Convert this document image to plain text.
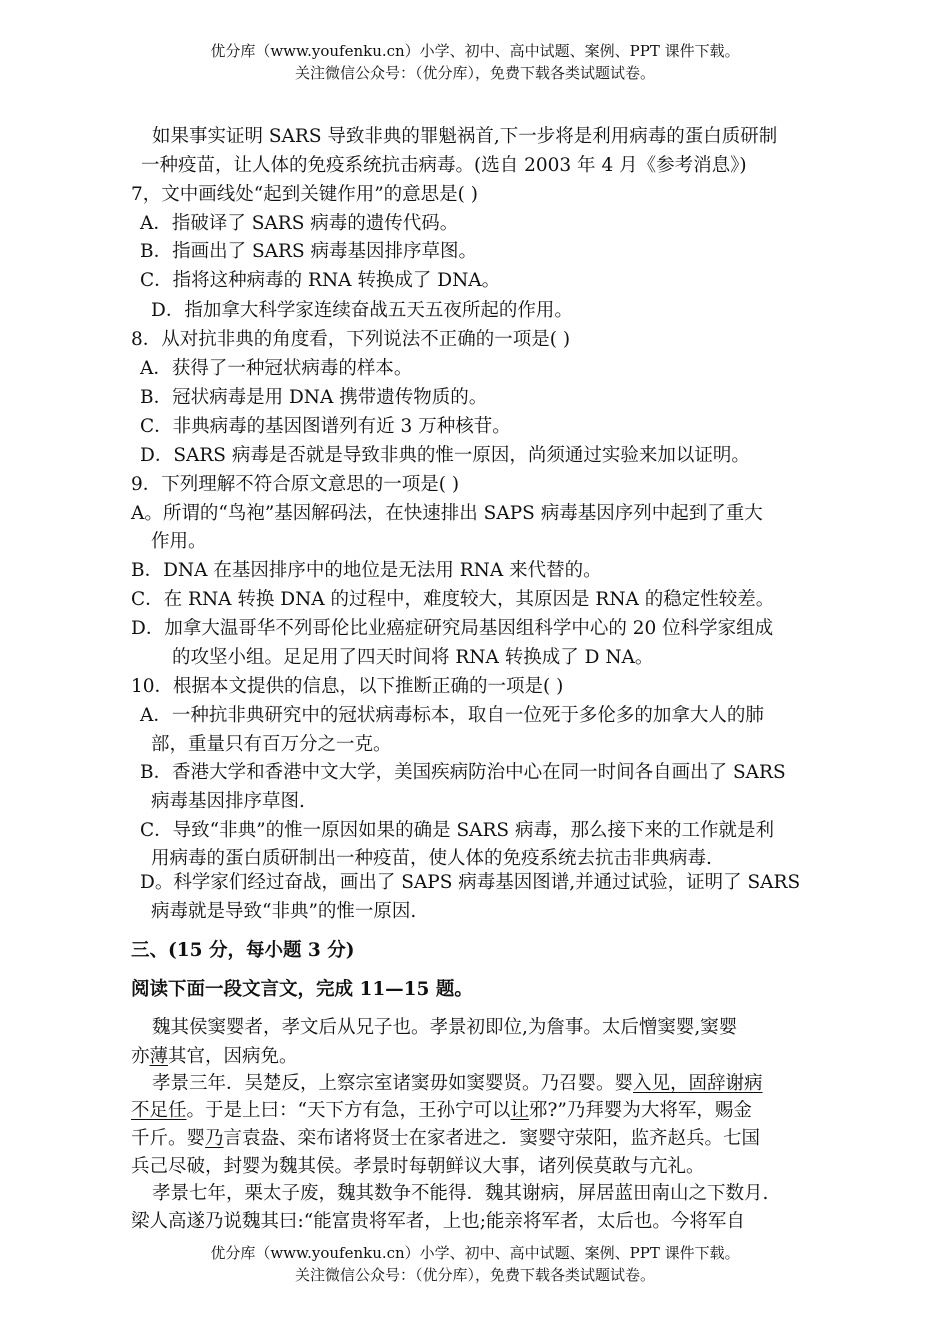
优分库（www.youfenku.cn）小学、初中、高中试题、案例、PPT 课件下载。
关注微信公众号：（优分库），免费下载各类试题试卷。
如果事实证明 SARS 导致非典的罪魁祸首,下一步将是利用病毒的蛋白质研制
一种疫苗，让人体的免疫系统抗击病毒。(选自 2003 年 4 月《参考消息》)
7，文中画线处“起到关键作用”的意思是( )
A．指破译了 SARS 病毒的遗传代码。
B．指画出了 SARS 病毒基因排序草图。
C．指将这种病毒的 RNA 转换成了 DNA。
D．指加拿大科学家连续奋战五天五夜所起的作用。
8．从对抗非典的角度看，下列说法不正确的一项是( )
A．获得了一种冠状病毒的样本。
B．冠状病毒是用 DNA 携带遗传物质的。
C．非典病毒的基因图谱列有近 3 万种核苷。
D．SARS 病毒是否就是导致非典的惟一原因，尚须通过实验来加以证明。
9．下列理解不符合原文意思的一项是( )
A。所谓的“鸟袍”基因解码法，在快速排出 SAPS 病毒基因序列中起到了重大
作用。
B．DNA 在基因排序中的地位是无法用 RNA 来代替的。
C．在 RNA 转换 DNA 的过程中，难度较大，其原因是 RNA 的稳定性较差。
D．加拿大温哥华不列哥伦比业癌症研究局基因组科学中心的 20 位科学家组成
的攻坚小组。足足用了四天时间将 RNA 转换成了 D NA。
10．根据本文提供的信息，以下推断正确的一项是( )
A．一种抗非典研究中的冠状病毒标本，取自一位死于多伦多的加拿大人的肺
部，重量只有百万分之一克。
B．香港大学和香港中文大学，美国疾病防治中心在同一时间各自画出了 SARS
病毒基因排序草图.
C．导致“非典”的惟一原因如果的确是 SARS 病毒，那么接下来的工作就是利
用病毒的蛋白质研制出一种疫苗，使人体的免疫系统去抗击非典病毒.
D。科学家们经过奋战，画出了 SAPS 病毒基因图谱,并通过试验，证明了 SARS
病毒就是导致“非典”的惟一原因.
三、(15 分，每小题 3 分)
阅读下面一段文言文，完成 11—15 题。
魏其侯窦婴者，孝文后从兄子也。孝景初即位,为詹事。太后憎窦婴,窦婴
亦薄其官，因病免。
孝景三年．吴楚反，上察宗室诸窦毋如窦婴贤。乃召婴。婴入见，固辞谢病
不足任。于是上曰：“天下方有急，王孙宁可以让邪?”乃拜婴为大将军，赐金
千斤。婴乃言袁盎、栾布诸将贤士在家者进之．窦婴守荥阳，监齐赵兵。七国
兵己尽破，封婴为魏其侯。孝景时每朝鲜议大事，诸列侯莫敢与亢礼。
孝景七年，栗太子废，魏其数争不能得．魏其谢病，屏居蓝田南山之下数月.
梁人高遂乃说魏其曰:“能富贵将军者，上也;能亲将军者，太后也。今将军自
优分库（www.youfenku.cn）小学、初中、高中试题、案例、PPT 课件下载。
关注微信公众号：（优分库），免费下载各类试题试卷。
